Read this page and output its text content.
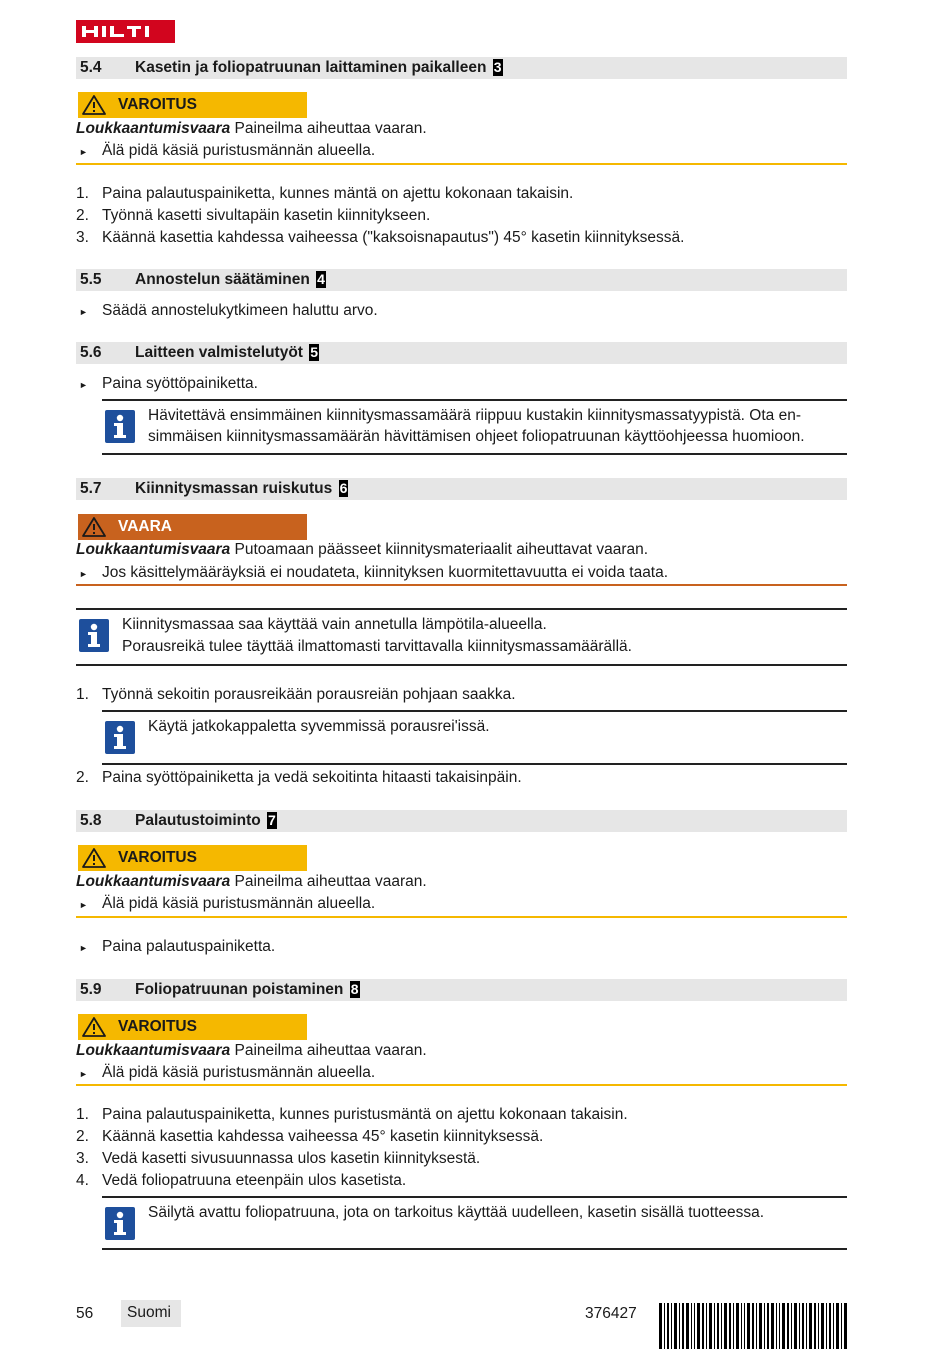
5.4 Kasetin ja foliopatruunan laittaminen paikalleen 3
VAROITUS
Loukkaantumisvaara Paineilma aiheuttaa vaaran.
► Älä pidä käsiä puristusmännän alueella.
1. Paina palautuspainiketta, kunnes mäntä on ajettu kokonaan takaisin.
2. Työnnä kasetti sivultapäin kasetin kiinnitykseen.
3. Käännä kasettia kahdessa vaiheessa ("kaksoisnapautus") 45° kasetin kiinnityksessä.
5.5 Annostelun säätäminen 4
► Säädä annostelukytkimeen haluttu arvo.
5.6 Laitteen valmistelutyöt 5
► Paina syöttöpainiketta.
Hävitettävä ensimmäinen kiinnitysmassamäärä riippuu kustakin kiinnitysmassatyypistä. Ota en-
simmäisen kiinnitysmassamäärän hävittämisen ohjeet foliopatruunan käyttöohjeessa huomioon.
5.7 Kiinnitysmassan ruiskutus 6
VAARA
Loukkaantumisvaara Putoamaan päässeet kiinnitysmateriaalit aiheuttavat vaaran.
► Jos käsittelymääräyksiä ei noudateta, kiinnityksen kuormitettavuutta ei voida taata.
Kiinnitysmassaa saa käyttää vain annetulla lämpötila-alueella.
Porausreikä tulee täyttää ilmattomasti tarvittavalla kiinnitysmassamäärällä.
1. Työnnä sekoitin porausreikään porausreiän pohjaan saakka.
Käytä jatkokappaletta syvemmissä porausrei'issä.
2. Paina syöttöpainiketta ja vedä sekoitinta hitaasti takaisinpäin.
5.8 Palautustoiminto 7
VAROITUS
Loukkaantumisvaara Paineilma aiheuttaa vaaran.
► Älä pidä käsiä puristusmännän alueella.
► Paina palautuspainiketta.
5.9 Foliopatruunan poistaminen 8
VAROITUS
Loukkaantumisvaara Paineilma aiheuttaa vaaran.
► Älä pidä käsiä puristusmännän alueella.
1. Paina palautuspainiketta, kunnes puristusmäntä on ajettu kokonaan takaisin.
2. Käännä kasettia kahdessa vaiheessa 45° kasetin kiinnityksessä.
3. Vedä kasetti sivusuunnassa ulos kasetin kiinnityksestä.
4. Vedä foliopatruuna eteenpäin ulos kasetista.
Säilytä avattu foliopatruuna, jota on tarkoitus käyttää uudelleen, kasetin sisällä tuotteessa.
56 Suomi	376427
